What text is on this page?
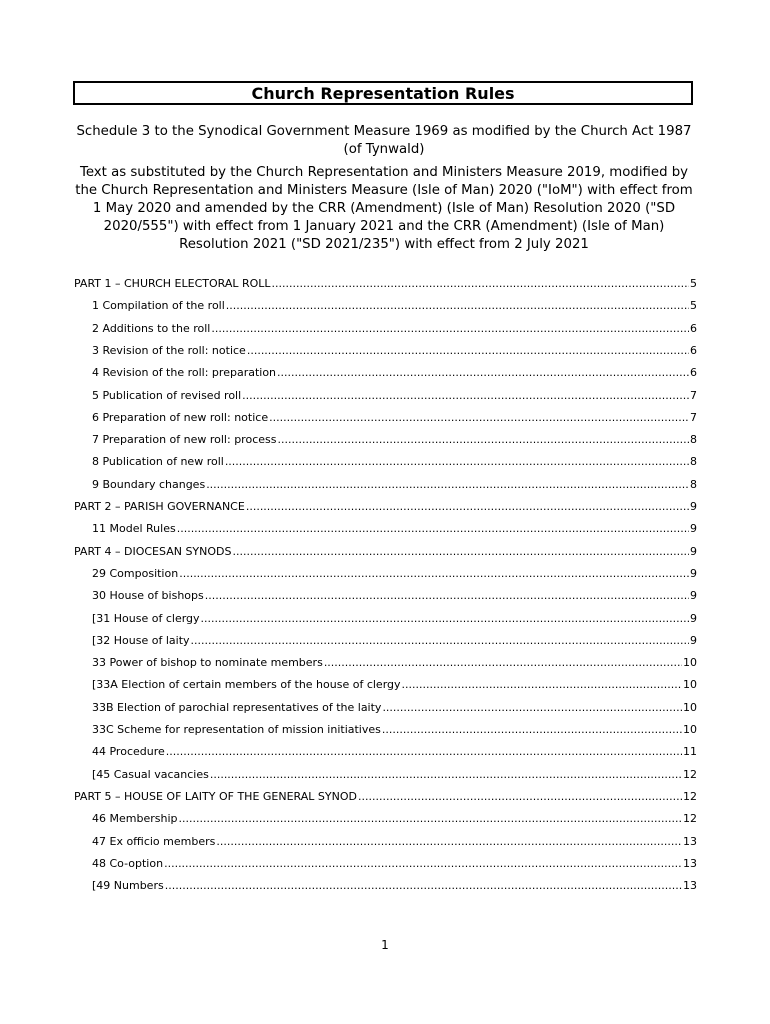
Church Representation Rules
Schedule 3 to the Synodical Government Measure 1969 as modified by the Church Act 1987 (of Tynwald)
Text as substituted by the Church Representation and Ministers Measure 2019, modified by the Church Representation and Ministers Measure (Isle of Man) 2020 ("IoM") with effect from 1 May 2020 and amended by the CRR (Amendment) (Isle of Man) Resolution 2020 ("SD 2020/555") with effect from 1 January 2021 and the CRR (Amendment) (Isle of Man) Resolution 2021 ("SD 2021/235") with effect from 2 July 2021
PART 1 – CHURCH ELECTORAL ROLL .....	5
1 Compilation of the roll .....	5
2 Additions to the roll .....	6
3 Revision of the roll: notice .....	6
4 Revision of the roll: preparation .....	6
5 Publication of revised roll .....	7
6 Preparation of new roll: notice .....	7
7 Preparation of new roll: process .....	8
8 Publication of new roll .....	8
9 Boundary changes .....	8
PART 2 – PARISH GOVERNANCE .....	9
11 Model Rules .....	9
PART 4 – DIOCESAN SYNODS .....	9
29 Composition .....	9
30 House of bishops .....	9
[31 House of clergy .....	9
[32 House of laity .....	9
33 Power of bishop to nominate members .....	10
[33A Election of certain members of the house of clergy .....	10
33B Election of parochial representatives of the laity .....	10
33C Scheme for representation of mission initiatives .....	10
44 Procedure .....	11
[45 Casual vacancies .....	12
PART 5 – HOUSE OF LAITY OF THE GENERAL SYNOD .....	12
46 Membership .....	12
47 Ex officio members .....	13
48 Co-option .....	13
[49 Numbers .....	13
1
